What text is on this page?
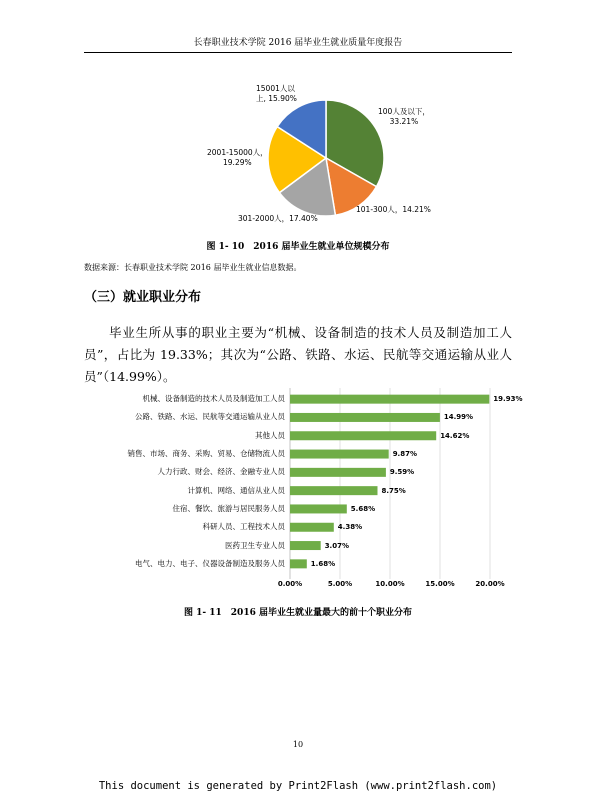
长春职业技术学院 2016 届毕业生就业质量年度报告
15001人以
上, 15.90%
100人及以下，
33.21%
2001-15000人，
19.29%
101-300人，14.21%
301-2000人，17.40%
图 1- 10　2016 届毕业生就业单位规模分布
数据来源：长春职业技术学院 2016 届毕业生就业信息数据。
（三）就业职业分布
毕业生所从事的职业主要为“机械、设备制造的技术人员及制造加工人员”，占比为 19.33%；其次为“公路、铁路、水运、民航等交通运输从业人员”（14.99%）。
0.00%	5.00%	10.00%	15.00%	20.00%
机械、设备制造的技术人员及制造加工人员	19.93%
公路、铁路、水运、民航等交通运输从业人员	14.99%
其他人员	14.62%
销售、市场、商务、采购、贸易、仓储物流人员	9.87%
人力行政、财会、经济、金融专业人员	9.59%
计算机、网络、通信从业人员	8.75%
住宿、餐饮、旅游与居民服务人员	5.68%
科研人员、工程技术人员	4.38%
医药卫生专业人员	3.07%
电气、电力、电子、仪器设备制造及服务人员	1.68%
图 1- 11　2016 届毕业生就业量最大的前十个职业分布
10
This document is generated by Print2Flash (www.print2flash.com)
